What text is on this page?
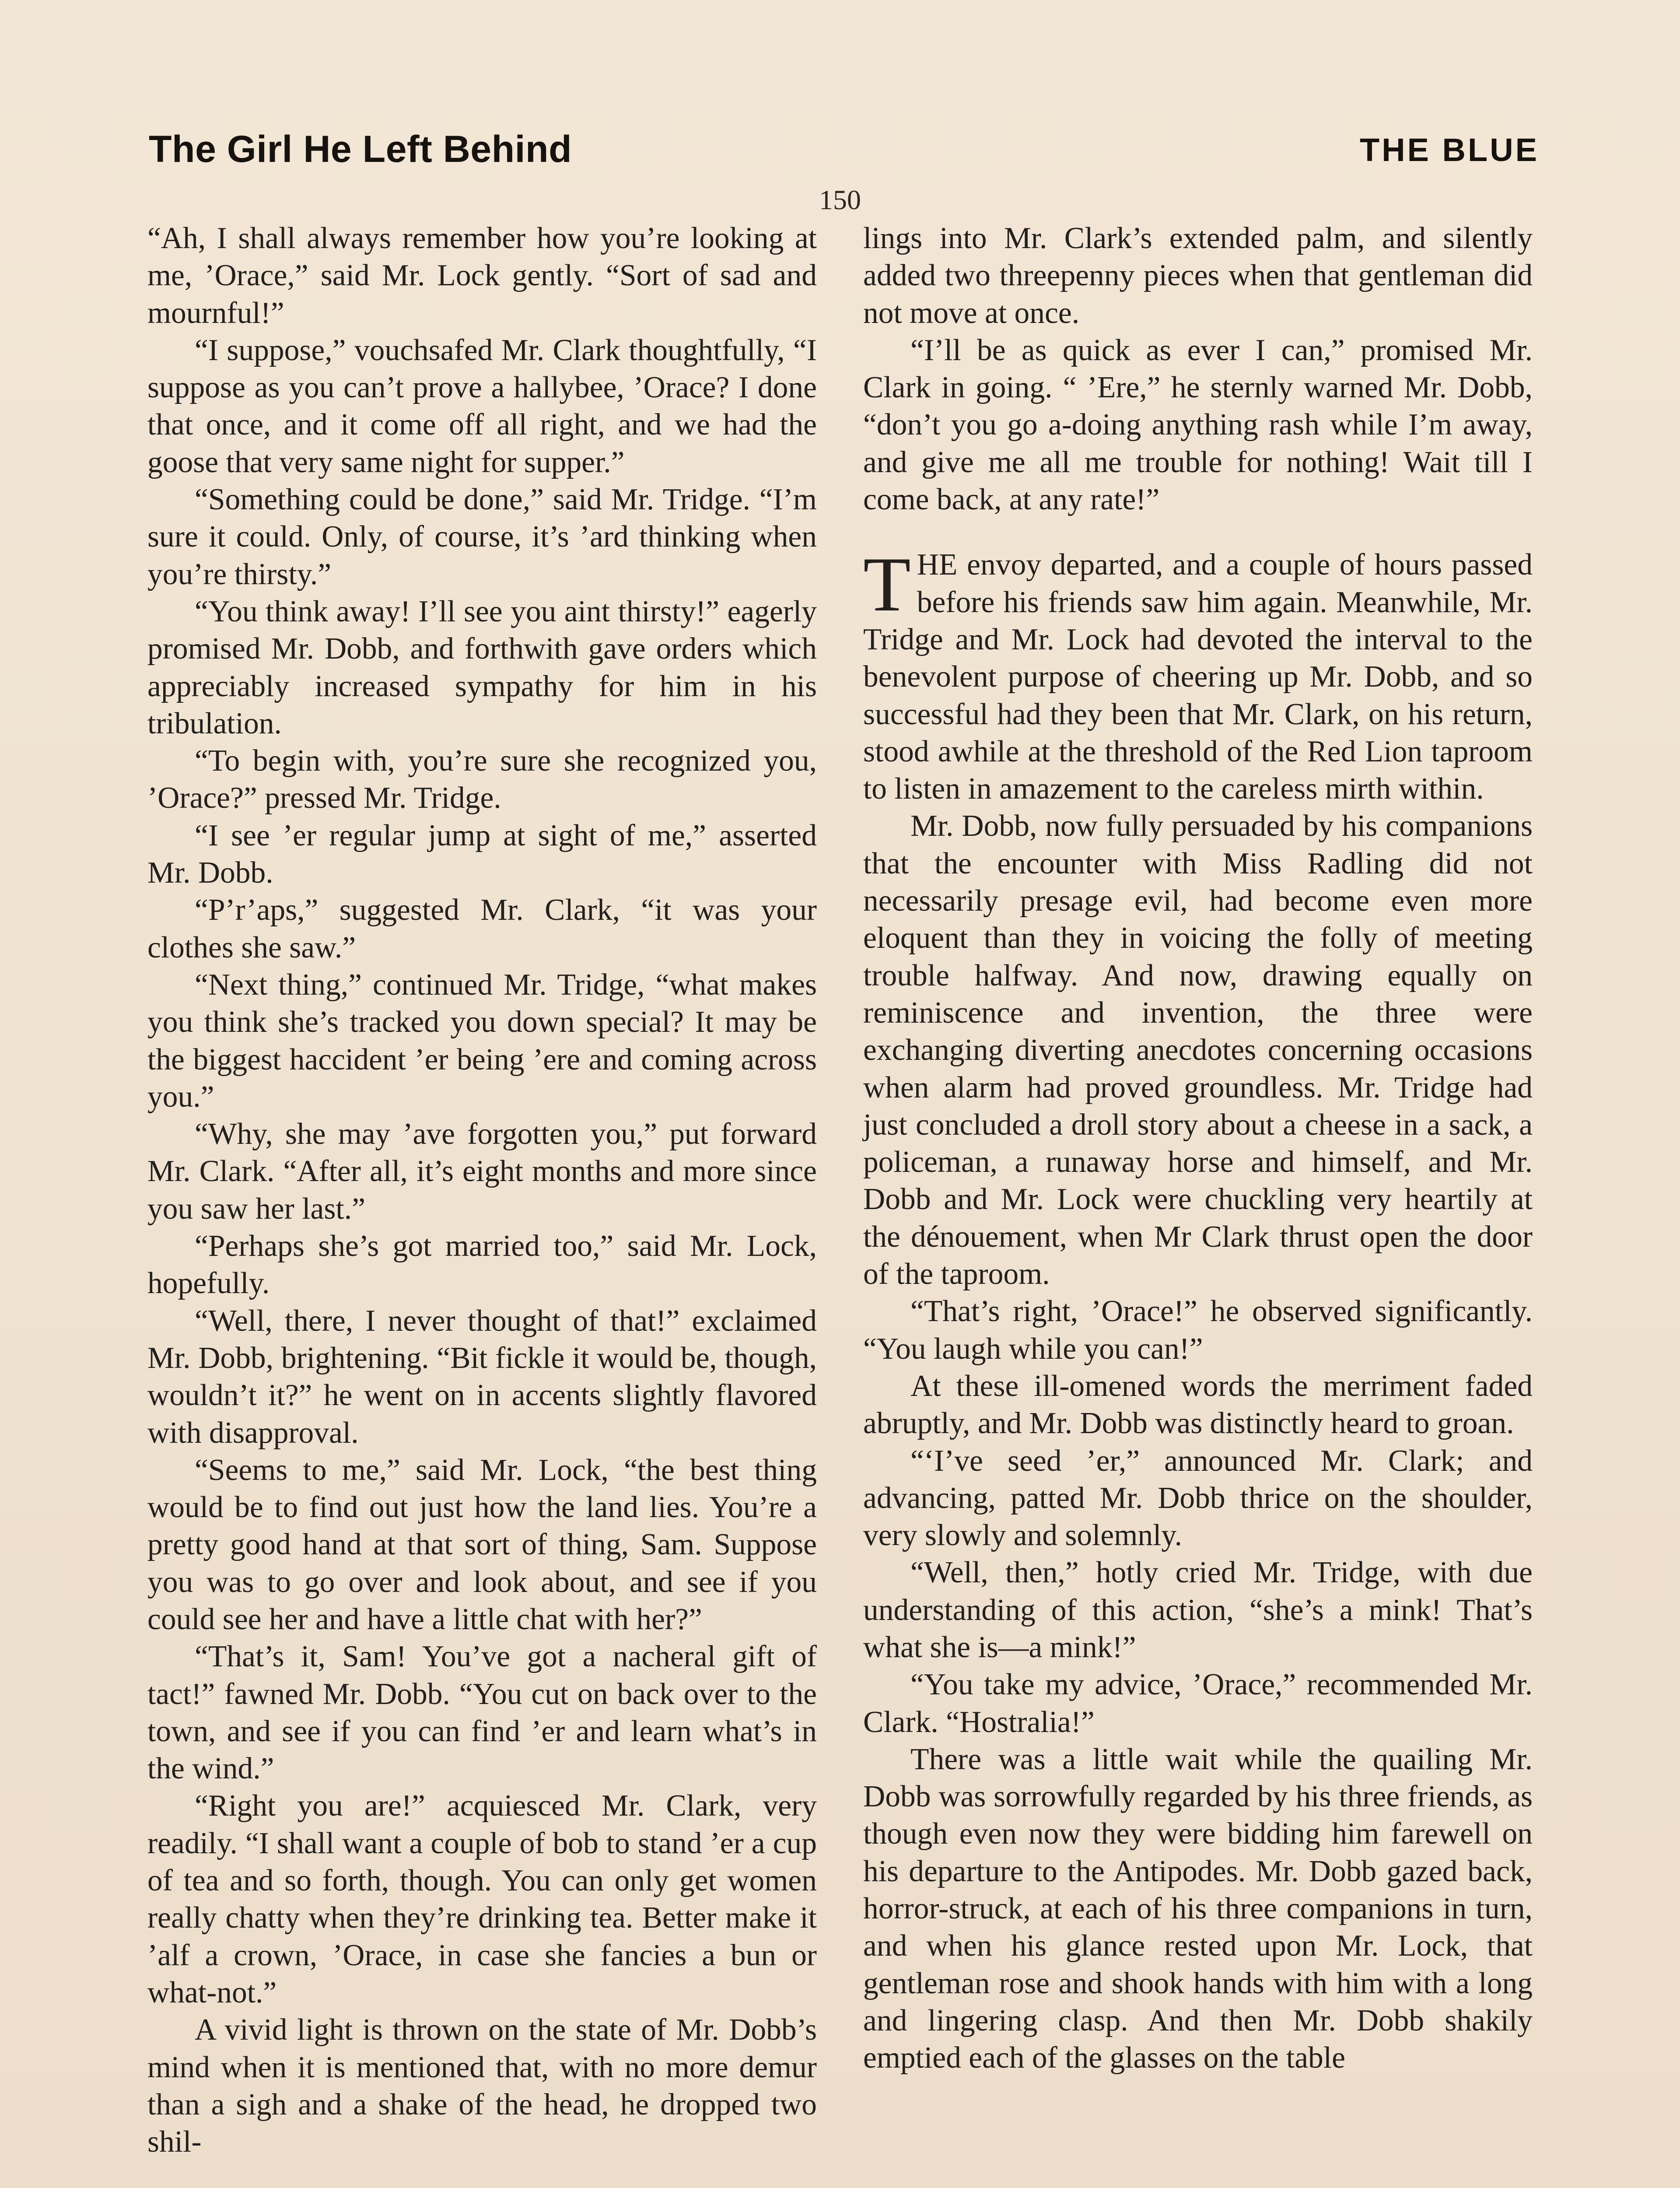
The Girl He Left Behind	THE BLUE
150

“Ah, I shall always remember how you’re looking at me, ’Orace,” said Mr. Lock gently. “Sort of sad and mournful!”

“I suppose,” vouchsafed Mr. Clark thoughtfully, “I suppose as you can’t prove a hallybee, ’Orace? I done that once, and it come off all right, and we had the goose that very same night for supper.”

“Something could be done,” said Mr. Tridge. “I’m sure it could. Only, of course, it’s ’ard thinking when you’re thirsty.”

“You think away! I’ll see you aint thirsty!” eagerly promised Mr. Dobb, and forthwith gave orders which appreciably increased sympathy for him in his tribulation.

“To begin with, you’re sure she recognized you, ’Orace?” pressed Mr. Tridge.

“I see ’er regular jump at sight of me,” asserted Mr. Dobb.

“P’r’aps,” suggested Mr. Clark, “it was your clothes she saw.”

“Next thing,” continued Mr. Tridge, “what makes you think she’s tracked you down special? It may be the biggest haccident ’er being ’ere and coming across you.”

“Why, she may ’ave forgotten you,” put forward Mr. Clark. “After all, it’s eight months and more since you saw her last.”

“Perhaps she’s got married too,” said Mr. Lock, hopefully.

“Well, there, I never thought of that!” exclaimed Mr. Dobb, brightening. “Bit fickle it would be, though, wouldn’t it?” he went on in accents slightly flavored with disapproval.

“Seems to me,” said Mr. Lock, “the best thing would be to find out just how the land lies. You’re a pretty good hand at that sort of thing, Sam. Suppose you was to go over and look about, and see if you could see her and have a little chat with her?”

“That’s it, Sam! You’ve got a nacheral gift of tact!” fawned Mr. Dobb. “You cut on back over to the town, and see if you can find ’er and learn what’s in the wind.”

“Right you are!” acquiesced Mr. Clark, very readily. “I shall want a couple of bob to stand ’er a cup of tea and so forth, though. You can only get women really chatty when they’re drinking tea. Better make it ’alf a crown, ’Orace, in case she fancies a bun or what-not.”

A vivid light is thrown on the state of Mr. Dobb’s mind when it is mentioned that, with no more demur than a sigh and a shake of the head, he dropped two shil-

lings into Mr. Clark’s extended palm, and silently added two threepenny pieces when that gentleman did not move at once.

“I’ll be as quick as ever I can,” promised Mr. Clark in going. “ ’Ere,” he sternly warned Mr. Dobb, “don’t you go a-doing anything rash while I’m away, and give me all me trouble for nothing! Wait till I come back, at any rate!”

THE envoy departed, and a couple of hours passed before his friends saw him again. Meanwhile, Mr. Tridge and Mr. Lock had devoted the interval to the benevolent purpose of cheering up Mr. Dobb, and so successful had they been that Mr. Clark, on his return, stood awhile at the threshold of the Red Lion taproom to listen in amazement to the careless mirth within.

Mr. Dobb, now fully persuaded by his companions that the encounter with Miss Radling did not necessarily presage evil, had become even more eloquent than they in voicing the folly of meeting trouble halfway. And now, drawing equally on reminiscence and invention, the three were exchanging diverting anecdotes concerning occasions when alarm had proved groundless. Mr. Tridge had just concluded a droll story about a cheese in a sack, a policeman, a runaway horse and himself, and Mr. Dobb and Mr. Lock were chuckling very heartily at the dénouement, when Mr Clark thrust open the door of the taproom.

“That’s right, ’Orace!” he observed significantly. “You laugh while you can!”

At these ill-omened words the merriment faded abruptly, and Mr. Dobb was distinctly heard to groan.

“‘I’ve seed ’er,” announced Mr. Clark; and advancing, patted Mr. Dobb thrice on the shoulder, very slowly and solemnly.

“Well, then,” hotly cried Mr. Tridge, with due understanding of this action, “she’s a mink! That’s what she is—a mink!”

“You take my advice, ’Orace,” recommended Mr. Clark. “Hostralia!”

There was a little wait while the quailing Mr. Dobb was sorrowfully regarded by his three friends, as though even now they were bidding him farewell on his departure to the Antipodes. Mr. Dobb gazed back, horror-struck, at each of his three companions in turn, and when his glance rested upon Mr. Lock, that gentleman rose and shook hands with him with a long and lingering clasp. And then Mr. Dobb shakily emptied each of the glasses on the table
